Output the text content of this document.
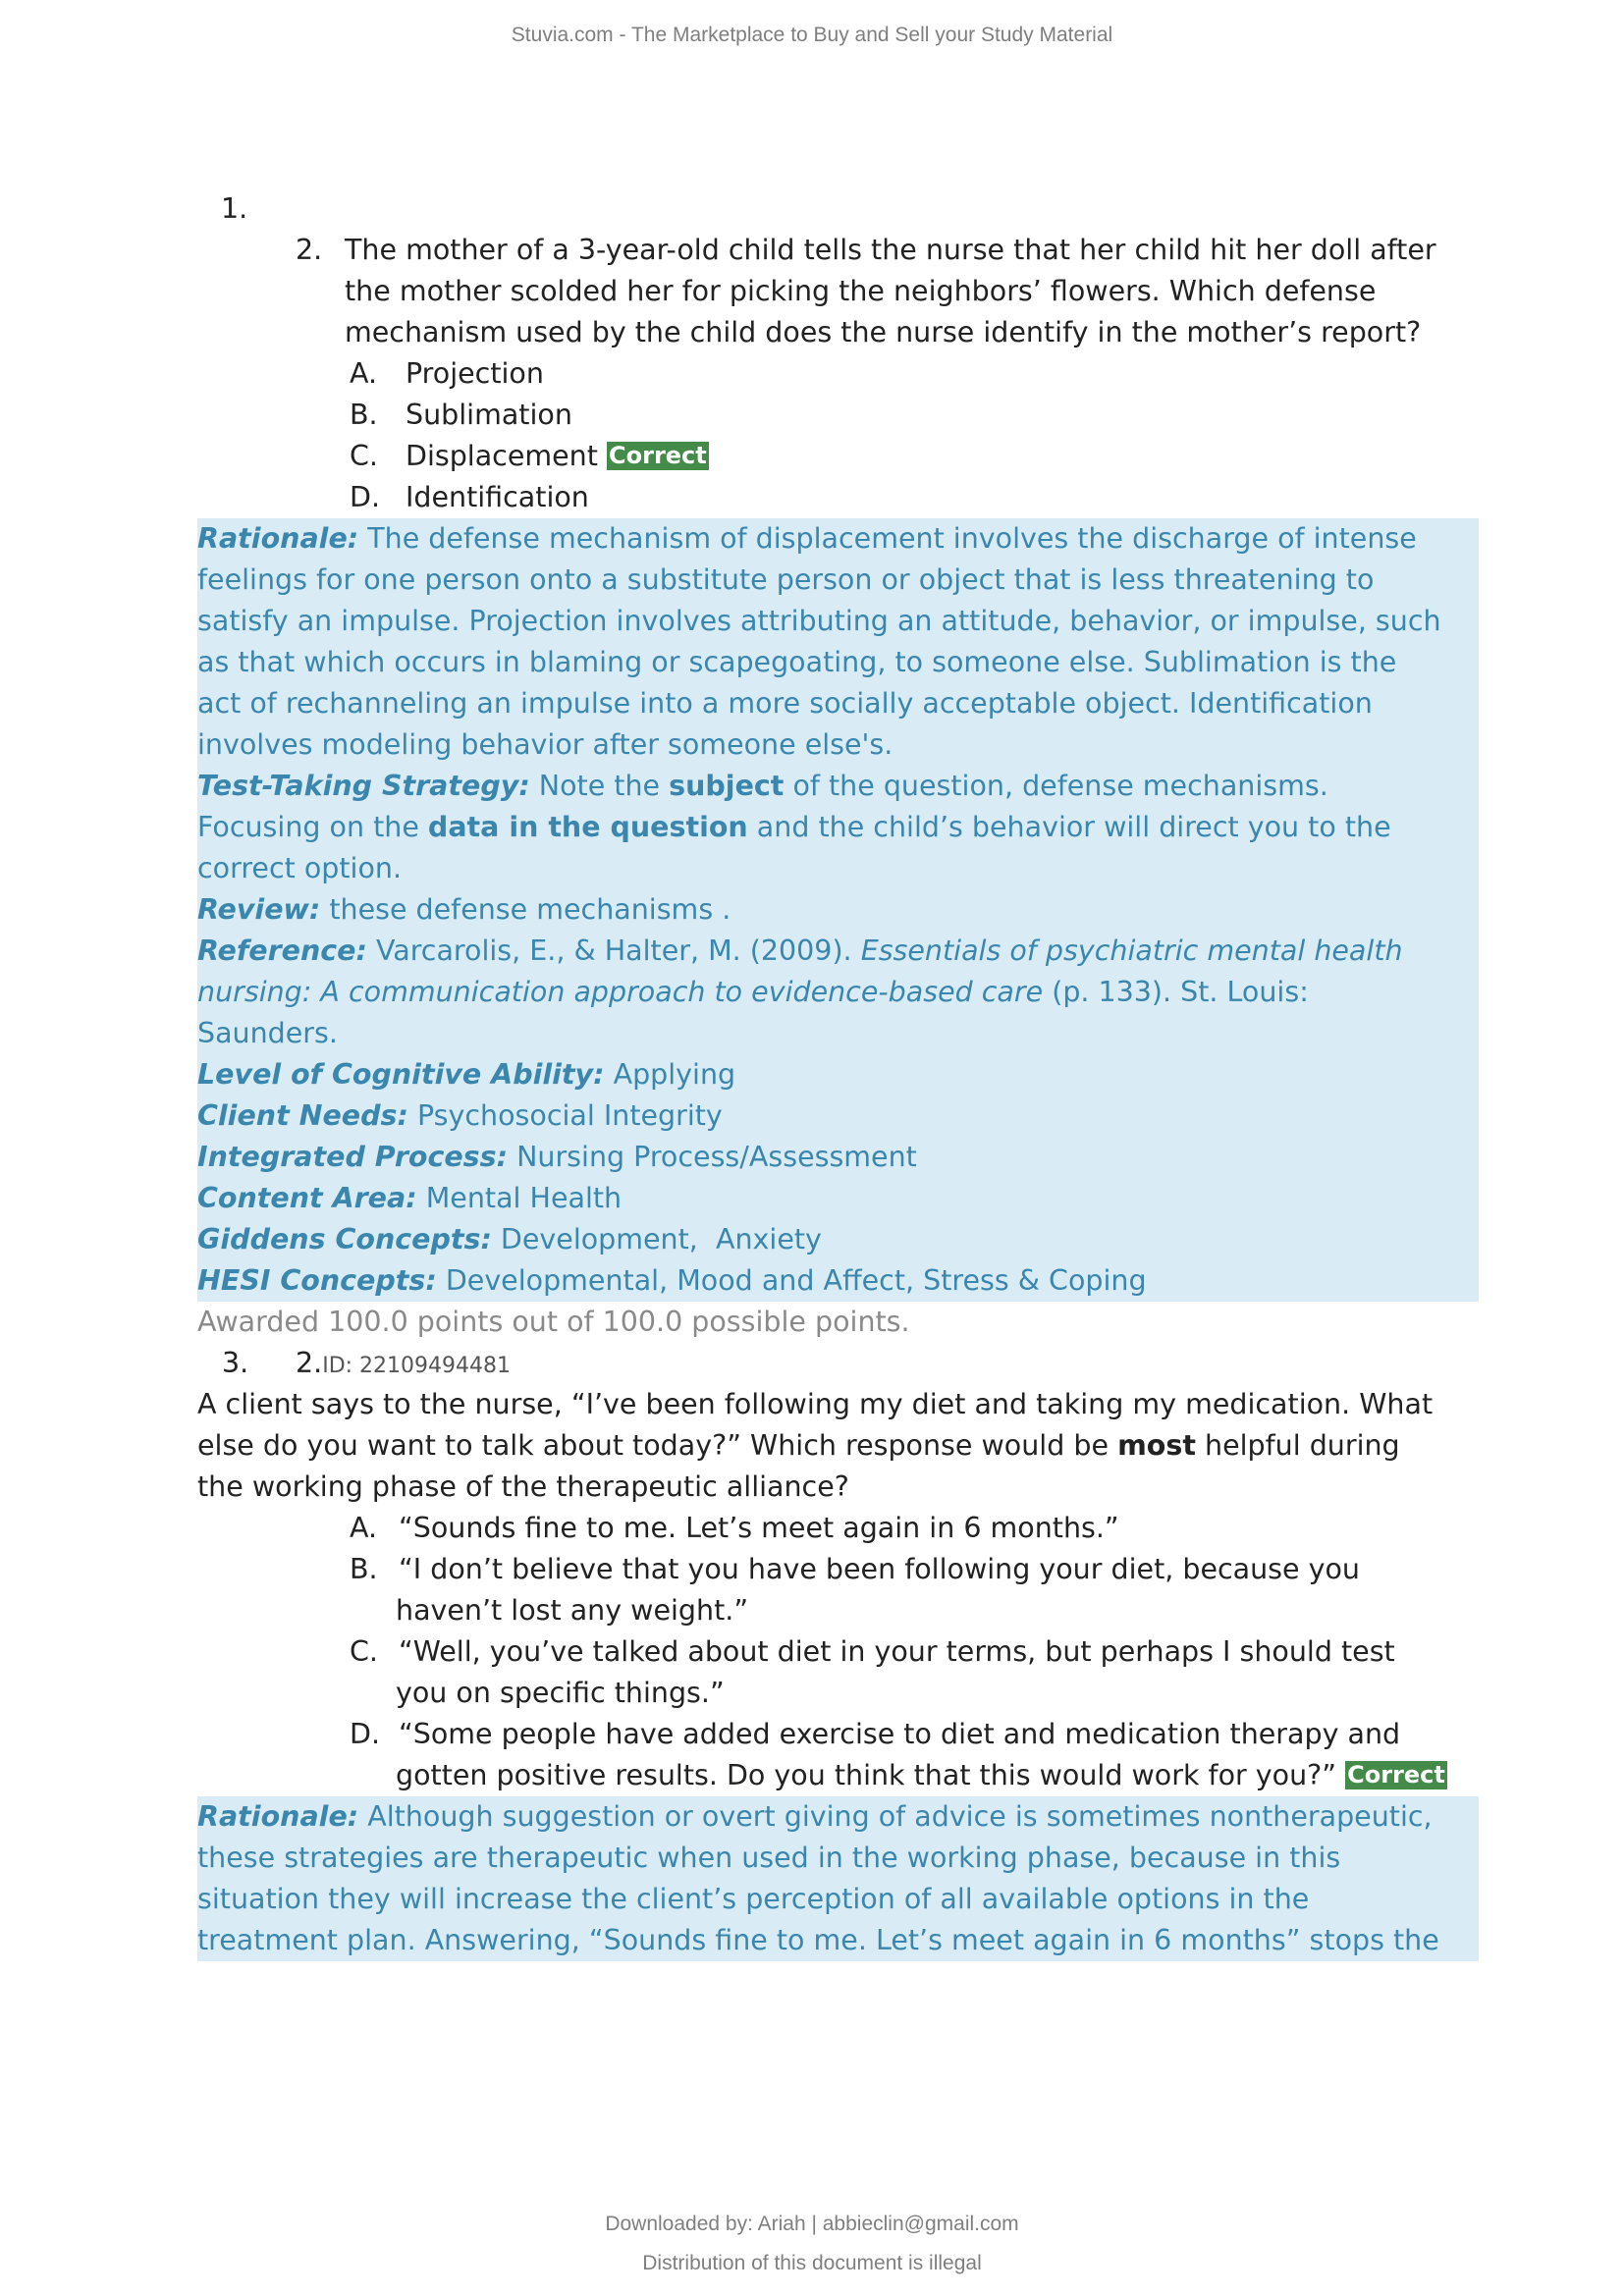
Stuvia.com - The Marketplace to Buy and Sell your Study Material
1.
2. The mother of a 3-year-old child tells the nurse that her child hit her doll after
the mother scolded her for picking the neighbors’ flowers. Which defense
mechanism used by the child does the nurse identify in the mother’s report?
A. Projection
B. Sublimation
C. Displacement Correct
D. Identification
Rationale: The defense mechanism of displacement involves the discharge of intense
feelings for one person onto a substitute person or object that is less threatening to
satisfy an impulse. Projection involves attributing an attitude, behavior, or impulse, such
as that which occurs in blaming or scapegoating, to someone else. Sublimation is the
act of rechanneling an impulse into a more socially acceptable object. Identification
involves modeling behavior after someone else's.
Test-Taking Strategy: Note the subject of the question, defense mechanisms.
Focusing on the data in the question and the child’s behavior will direct you to the
correct option.
Review: these defense mechanisms .
Reference: Varcarolis, E., & Halter, M. (2009). Essentials of psychiatric mental health
nursing: A communication approach to evidence-based care (p. 133). St. Louis:
Saunders.
Level of Cognitive Ability: Applying
Client Needs: Psychosocial Integrity
Integrated Process: Nursing Process/Assessment
Content Area: Mental Health
Giddens Concepts: Development,  Anxiety
HESI Concepts: Developmental, Mood and Affect, Stress & Coping
Awarded 100.0 points out of 100.0 possible points.
3. 2.ID: 22109494481
A client says to the nurse, “I’ve been following my diet and taking my medication. What
else do you want to talk about today?” Which response would be most helpful during
the working phase of the therapeutic alliance?
A. “Sounds fine to me. Let’s meet again in 6 months.”
B. “I don’t believe that you have been following your diet, because you
haven’t lost any weight.”
C. “Well, you’ve talked about diet in your terms, but perhaps I should test
you on specific things.”
D. “Some people have added exercise to diet and medication therapy and
gotten positive results. Do you think that this would work for you?” Correct
Rationale: Although suggestion or overt giving of advice is sometimes nontherapeutic,
these strategies are therapeutic when used in the working phase, because in this
situation they will increase the client’s perception of all available options in the
treatment plan. Answering, “Sounds fine to me. Let’s meet again in 6 months” stops the
Downloaded by: Ariah | abbieclin@gmail.com
Distribution of this document is illegal
